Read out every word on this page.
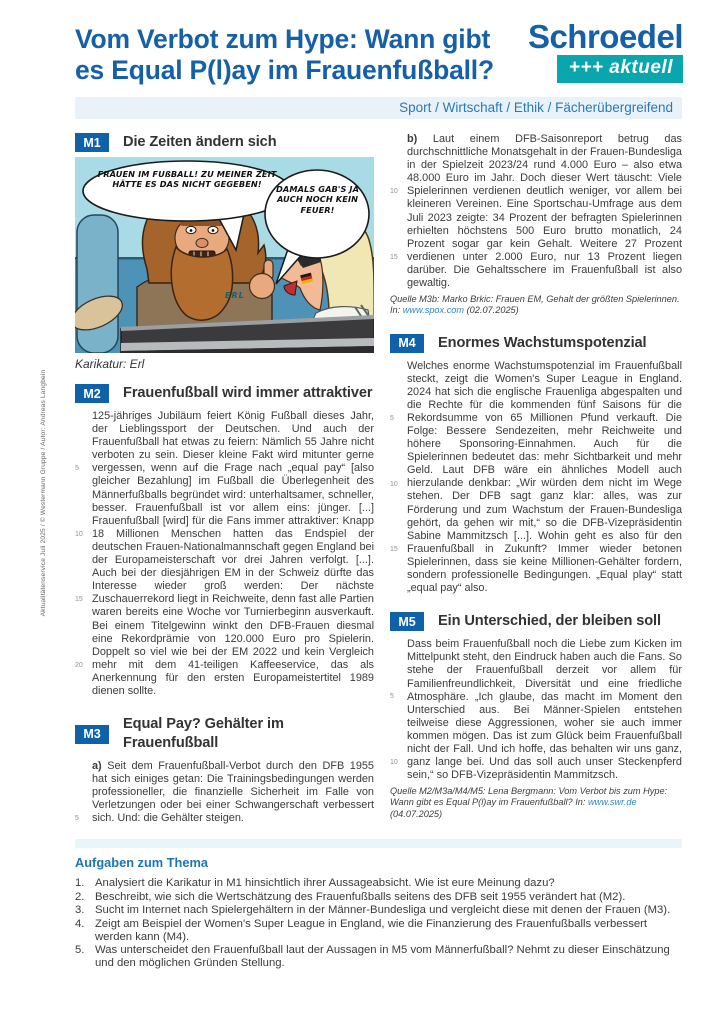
Aktualitätenservice Juli 2025 / © Westermann Gruppe / Autor: Andreas Langbein
Vom Verbot zum Hype: Wann gibt es Equal P(l)ay im Frauenfußball?
Schroedel
+++ aktuell
Sport / Wirtschaft / Ethik / Fächerübergreifend
M1	Die Zeiten ändern sich
ERL
FRAUEN IM FUßBALL! ZU MEINER ZEIT HÄTTE ES DAS NICHT GEGEBEN!	DAMALS GAB'S JA AUCH NOCH KEIN FEUER!
Karikatur: Erl
M2	Frauenfußball wird immer attraktiver
5
10
15
20
125-jähriges Jubiläum feiert König Fußball dieses Jahr, der Lieblingssport der Deutschen. Und auch der Frauenfußball hat etwas zu feiern: Nämlich 55 Jahre nicht verboten zu sein. Dieser kleine Fakt wird mitunter gerne vergessen, wenn auf die Frage nach „equal pay“ [also gleicher Bezahlung] im Fußball die Überlegenheit des Männerfußballs begründet wird: unterhaltsamer, schneller, besser. Frauenfußball ist vor allem eins: jünger. [...] Frauenfußball [wird] für die Fans immer attraktiver: Knapp 18 Millionen Menschen hatten das Endspiel der deutschen Frauen-Nationalmannschaft gegen England bei der Europameisterschaft vor drei Jahren verfolgt. [...]. Auch bei der diesjährigen EM in der Schweiz dürfte das Interesse wieder groß werden: Der nächste Zuschauerrekord liegt in Reichweite, denn fast alle Partien waren bereits eine Woche vor Turnierbeginn ausverkauft. Bei einem Titelgewinn winkt den DFB-Frauen diesmal eine Rekordprämie von 120.000 Euro pro Spielerin. Doppelt so viel wie bei der EM 2022 und kein Vergleich mehr mit dem 41-teiligen Kaffeeservice, das als Anerkennung für den ersten Europameistertitel 1989 dienen sollte.
M3
Equal Pay? Gehälter im Frauenfußball
5
a) Seit dem Frauenfußball-Verbot durch den DFB 1955 hat sich einiges getan: Die Trainingsbedingungen werden professioneller, die finanzielle Sicherheit im Falle von Verletzungen oder bei einer Schwangerschaft verbessert sich. Und: die Gehälter steigen.
10
15
b) Laut einem DFB-Saisonreport betrug das durchschnittliche Monatsgehalt in der Frauen-Bundesliga in der Spielzeit 2023/24 rund 4.000 Euro – also etwa 48.000 Euro im Jahr. Doch dieser Wert täuscht: Viele Spielerinnen verdienen deutlich weniger, vor allem bei kleineren Vereinen. Eine Sportschau-Umfrage aus dem Juli 2023 zeigte: 34 Prozent der befragten Spielerinnen erhielten höchstens 500 Euro brutto monatlich, 24 Prozent sogar gar kein Gehalt. Weitere 27 Prozent verdienen unter 2.000 Euro, nur 13 Prozent liegen darüber. Die Gehaltsschere im Frauenfußball ist also gewaltig.
Quelle M3b: Marko Brkic: Frauen EM, Gehalt der größten Spielerinnen. In: www.spox.com (02.07.2025)
M4	Enormes Wachstumspotenzial
5
10
15
Welches enorme Wachstumspotenzial im Frauenfußball steckt, zeigt die Women's Super League in England. 2024 hat sich die englische Frauenliga abgespalten und die Rechte für die kommenden fünf Saisons für die Rekordsumme von 65 Millionen Pfund verkauft. Die Folge: Bessere Sendezeiten, mehr Reichweite und höhere Sponsoring-Einnahmen. Auch für die Spielerinnen bedeutet das: mehr Sichtbarkeit und mehr Geld. Laut DFB wäre ein ähnliches Modell auch hierzulande denkbar: „Wir würden dem nicht im Wege stehen. Der DFB sagt ganz klar: alles, was zur Förderung und zum Wachstum der Frauen-Bundesliga gehört, da gehen wir mit,“ so die DFB-Vizepräsidentin Sabine Mammitzsch [...]. Wohin geht es also für den Frauenfußball in Zukunft? Immer wieder betonen Spielerinnen, dass sie keine Millionen-Gehälter fordern, sondern professionelle Bedingungen. „Equal play“ statt „equal pay“ also.
M5	Ein Unterschied, der bleiben soll
5
10
Dass beim Frauenfußball noch die Liebe zum Kicken im Mittelpunkt steht, den Eindruck haben auch die Fans. So stehe der Frauenfußball derzeit vor allem für Familienfreundlichkeit, Diversität und eine friedliche Atmosphäre. „Ich glaube, das macht im Moment den Unterschied aus. Bei Männer-Spielen entstehen teilweise diese Aggressionen, woher sie auch immer kommen mögen. Das ist zum Glück beim Frauenfußball nicht der Fall. Und ich hoffe, das behalten wir uns ganz, ganz lange bei. Und das soll auch unser Steckenpferd sein,“ so DFB-Vizepräsidentin Mammitzsch.
Quelle M2/M3a/M4/M5: Lena Bergmann: Vom Verbot bis zum Hype: Wann gibt es Equal P(l)ay im Frauenfußball? In: www.swr.de (04.07.2025)
Aufgaben zum Thema
1. Analysiert die Karikatur in M1 hinsichtlich ihrer Aussageabsicht. Wie ist eure Meinung dazu?
2. Beschreibt, wie sich die Wertschätzung des Frauenfußballs seitens des DFB seit 1955 verändert hat (M2).
3. Sucht im Internet nach Spielergehältern in der Männer-Bundesliga und vergleicht diese mit denen der Frauen (M3).
4. Zeigt am Beispiel der Women's Super League in England, wie die Finanzierung des Frauenfußballs verbessert werden kann (M4).
5. Was unterscheidet den Frauenfußball laut der Aussagen in M5 vom Männerfußball? Nehmt zu dieser Einschätzung und den möglichen Gründen Stellung.
